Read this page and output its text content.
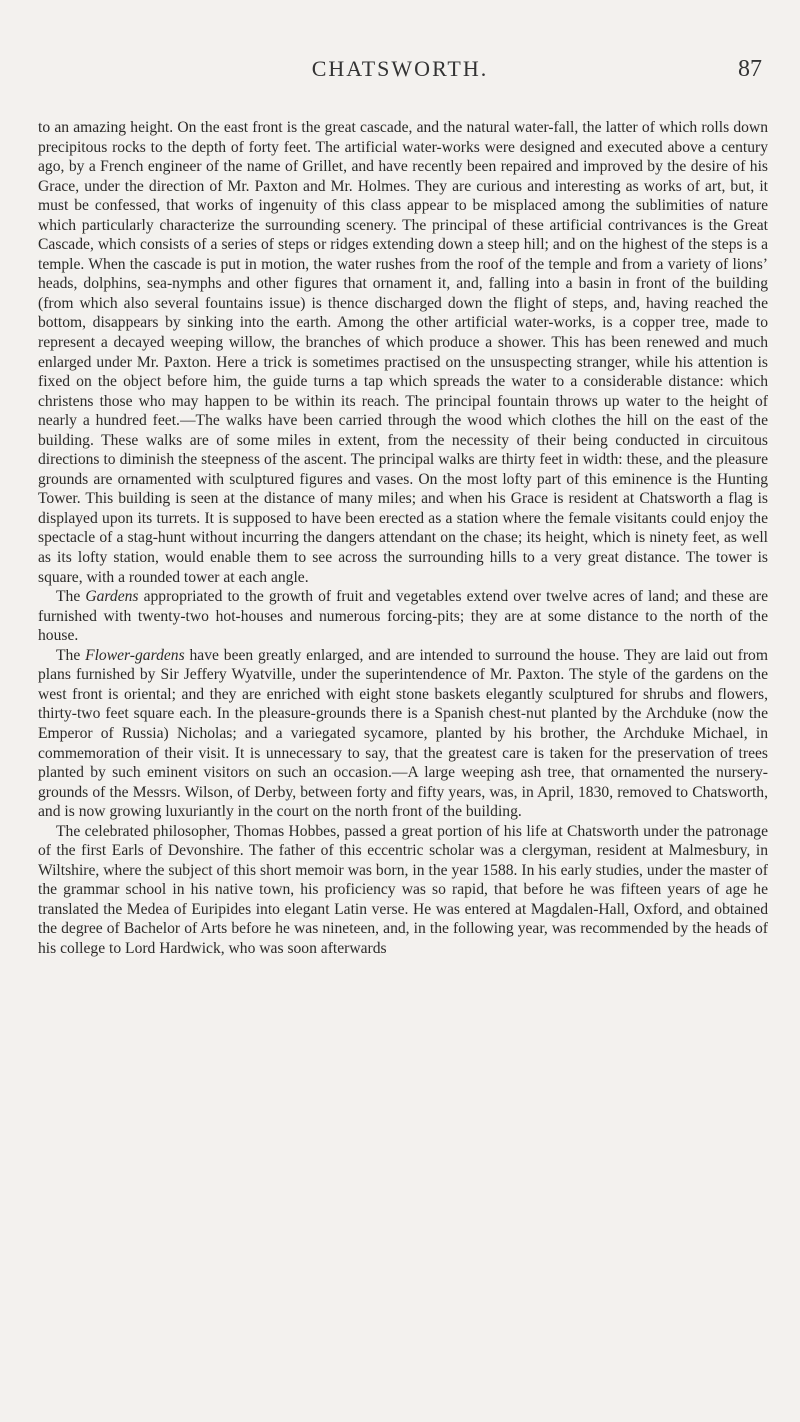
CHATSWORTH.	87

to an amazing height. On the east front is the great cascade, and the natural water-fall, the latter of which rolls down precipitous rocks to the depth of forty feet. The artificial water-works were designed and executed above a century ago, by a French engineer of the name of Grillet, and have recently been repaired and improved by the desire of his Grace, under the direction of Mr. Paxton and Mr. Holmes. They are curious and interesting as works of art, but, it must be confessed, that works of ingenuity of this class appear to be misplaced among the sublimities of nature which particularly characterize the surrounding scenery. The principal of these artificial contrivances is the Great Cascade, which consists of a series of steps or ridges extending down a steep hill; and on the highest of the steps is a temple. When the cascade is put in motion, the water rushes from the roof of the temple and from a variety of lions’ heads, dolphins, sea-nymphs and other figures that ornament it, and, falling into a basin in front of the building (from which also several fountains issue) is thence discharged down the flight of steps, and, having reached the bottom, disappears by sinking into the earth. Among the other artificial water-works, is a copper tree, made to represent a decayed weeping willow, the branches of which produce a shower. This has been renewed and much enlarged under Mr. Paxton. Here a trick is sometimes practised on the unsuspecting stranger, while his attention is fixed on the object before him, the guide turns a tap which spreads the water to a considerable distance: which christens those who may happen to be within its reach. The principal fountain throws up water to the height of nearly a hundred feet.—The walks have been carried through the wood which clothes the hill on the east of the building. These walks are of some miles in extent, from the necessity of their being conducted in circuitous directions to diminish the steepness of the ascent. The principal walks are thirty feet in width: these, and the pleasure grounds are ornamented with sculptured figures and vases. On the most lofty part of this eminence is the Hunting Tower. This building is seen at the distance of many miles; and when his Grace is resident at Chatsworth a flag is displayed upon its turrets. It is supposed to have been erected as a station where the female visitants could enjoy the spectacle of a stag-hunt without incurring the dangers attendant on the chase; its height, which is ninety feet, as well as its lofty station, would enable them to see across the surrounding hills to a very great distance. The tower is square, with a rounded tower at each angle.

The Gardens appropriated to the growth of fruit and vegetables extend over twelve acres of land; and these are furnished with twenty-two hot-houses and numerous forcing-pits; they are at some distance to the north of the house.

The Flower-gardens have been greatly enlarged, and are intended to surround the house. They are laid out from plans furnished by Sir Jeffery Wyatville, under the superintendence of Mr. Paxton. The style of the gardens on the west front is oriental; and they are enriched with eight stone baskets elegantly sculptured for shrubs and flowers, thirty-two feet square each. In the pleasure-grounds there is a Spanish chest-nut planted by the Archduke (now the Emperor of Russia) Nicholas; and a variegated sycamore, planted by his brother, the Archduke Michael, in commemoration of their visit. It is unnecessary to say, that the greatest care is taken for the preservation of trees planted by such eminent visitors on such an occasion.—A large weeping ash tree, that ornamented the nursery-grounds of the Messrs. Wilson, of Derby, between forty and fifty years, was, in April, 1830, removed to Chatsworth, and is now growing luxuriantly in the court on the north front of the building.

The celebrated philosopher, Thomas Hobbes, passed a great portion of his life at Chatsworth under the patronage of the first Earls of Devonshire. The father of this eccentric scholar was a clergyman, resident at Malmesbury, in Wiltshire, where the subject of this short memoir was born, in the year 1588. In his early studies, under the master of the grammar school in his native town, his proficiency was so rapid, that before he was fifteen years of age he translated the Medea of Euripides into elegant Latin verse. He was entered at Magdalen-Hall, Oxford, and obtained the degree of Bachelor of Arts before he was nineteen, and, in the following year, was recommended by the heads of his college to Lord Hardwick, who was soon afterwards
